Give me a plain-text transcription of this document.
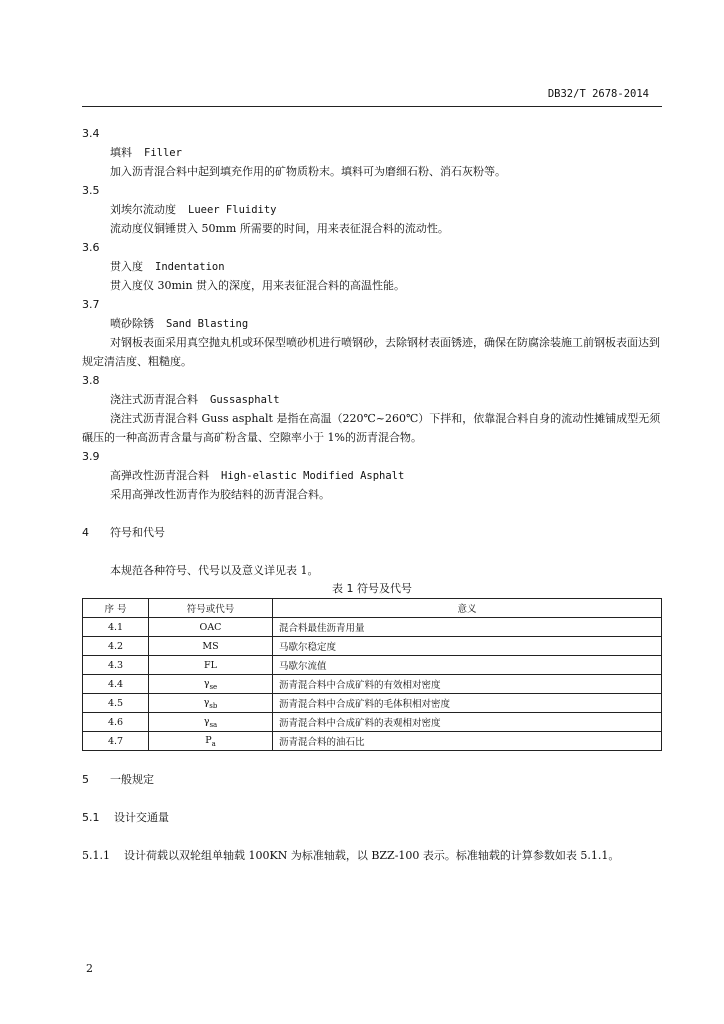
DB32/T 2678-2014
3.4
填料 Filler
加入沥青混合料中起到填充作用的矿物质粉末。填料可为磨细石粉、消石灰粉等。
3.5
刘埃尔流动度 Lueer Fluidity
流动度仪铜锤贯入 50mm 所需要的时间，用来表征混合料的流动性。
3.6
贯入度 Indentation
贯入度仪 30min 贯入的深度，用来表征混合料的高温性能。
3.7
喷砂除锈 Sand Blasting
对钢板表面采用真空抛丸机或环保型喷砂机进行喷钢砂，去除钢材表面锈迹，确保在防腐涂装施工前钢板表面达到规定清洁度、粗糙度。
3.8
浇注式沥青混合料 Gussasphalt
浇注式沥青混合料 Guss asphalt 是指在高温（220℃~260℃）下拌和，依靠混合料自身的流动性摊铺成型无须碾压的一种高沥青含量与高矿粉含量、空隙率小于 1%的沥青混合物。
3.9
高弹改性沥青混合料 High-elastic Modified Asphalt
采用高弹改性沥青作为胶结料的沥青混合料。
4 符号和代号
本规范各种符号、代号以及意义详见表 1。
表 1 符号及代号
序 号	符号或代号	意义
4.1	OAC	混合料最佳沥青用量
4.2	MS	马歇尔稳定度
4.3	FL	马歇尔流值
4.4	$\gamma_{se}$	沥青混合料中合成矿料的有效相对密度
4.5	$\gamma_{sb}$	沥青混合料中合成矿料的毛体积相对密度
4.6	$\gamma_{sa}$	沥青混合料中合成矿料的表观相对密度
4.7	$P_a$	沥青混合料的油石比
5 一般规定
5.1 设计交通量
5.1.1 设计荷载以双轮组单轴载 100KN 为标准轴载，以 BZZ-100 表示。标准轴载的计算参数如表 5.1.1。
2
